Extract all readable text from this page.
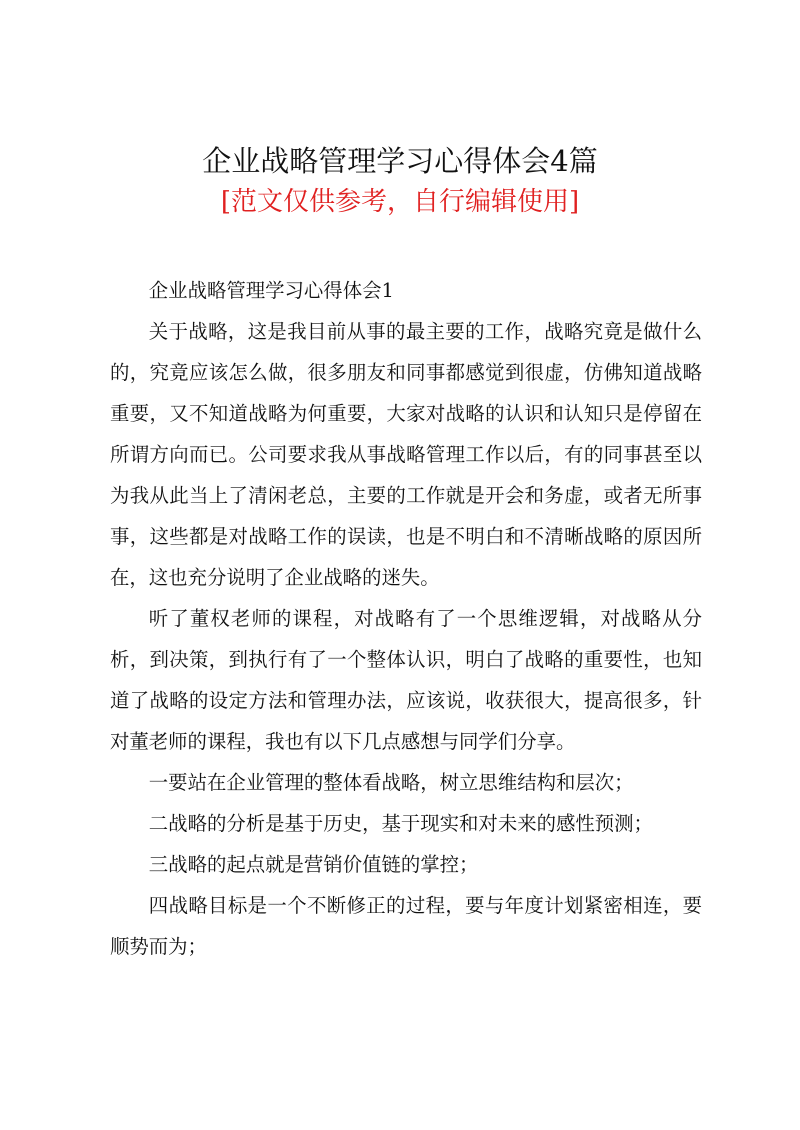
企业战略管理学习心得体会4篇
[范文仅供参考，自行编辑使用]

企业战略管理学习心得体会1

关于战略，这是我目前从事的最主要的工作，战略究竟是做什么的，究竟应该怎么做，很多朋友和同事都感觉到很虚，仿佛知道战略重要，又不知道战略为何重要，大家对战略的认识和认知只是停留在所谓方向而已。公司要求我从事战略管理工作以后，有的同事甚至以为我从此当上了清闲老总，主要的工作就是开会和务虚，或者无所事事，这些都是对战略工作的误读，也是不明白和不清晰战略的原因所在，这也充分说明了企业战略的迷失。

听了董权老师的课程，对战略有了一个思维逻辑，对战略从分析，到决策，到执行有了一个整体认识，明白了战略的重要性，也知道了战略的设定方法和管理办法，应该说，收获很大，提高很多，针对董老师的课程，我也有以下几点感想与同学们分享。

一要站在企业管理的整体看战略，树立思维结构和层次；

二战略的分析是基于历史，基于现实和对未来的感性预测；

三战略的起点就是营销价值链的掌控；

四战略目标是一个不断修正的过程，要与年度计划紧密相连，要顺势而为；
